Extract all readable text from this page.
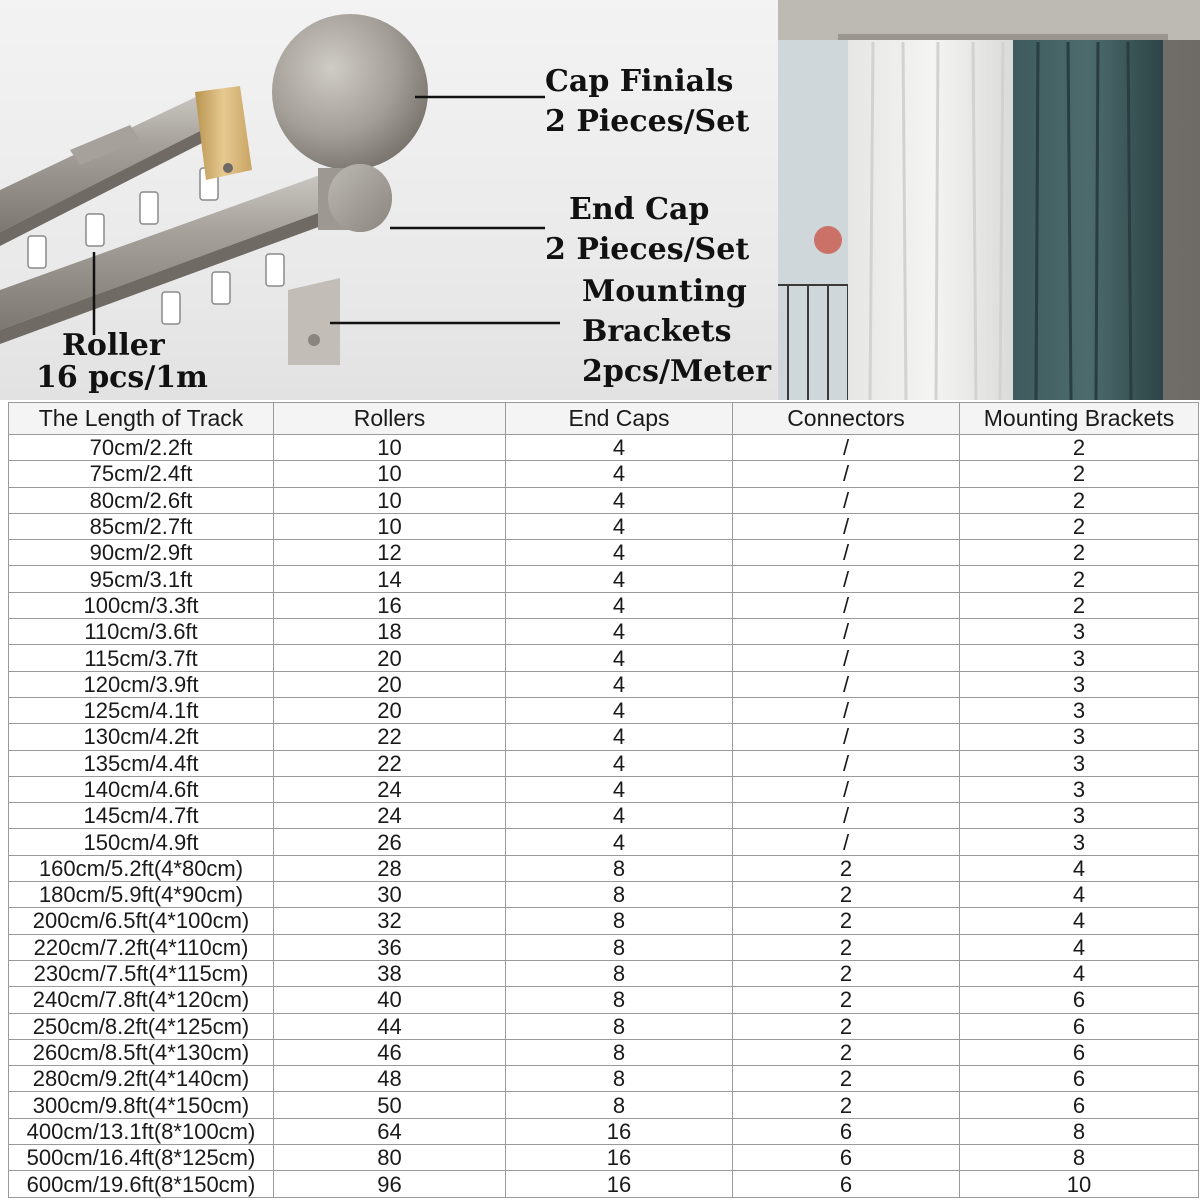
Cap Finials
2 Pieces/Set
End Cap
2 Pieces/Set
Mounting
Brackets
2pcs/Meter
Roller
16 pcs/1m
The Length of Track	Rollers	End Caps	Connectors	Mounting Brackets
70cm/2.2ft	10	4	/	2
75cm/2.4ft	10	4	/	2
80cm/2.6ft	10	4	/	2
85cm/2.7ft	10	4	/	2
90cm/2.9ft	12	4	/	2
95cm/3.1ft	14	4	/	2
100cm/3.3ft	16	4	/	2
110cm/3.6ft	18	4	/	3
115cm/3.7ft	20	4	/	3
120cm/3.9ft	20	4	/	3
125cm/4.1ft	20	4	/	3
130cm/4.2ft	22	4	/	3
135cm/4.4ft	22	4	/	3
140cm/4.6ft	24	4	/	3
145cm/4.7ft	24	4	/	3
150cm/4.9ft	26	4	/	3
160cm/5.2ft(4*80cm)	28	8	2	4
180cm/5.9ft(4*90cm)	30	8	2	4
200cm/6.5ft(4*100cm)	32	8	2	4
220cm/7.2ft(4*110cm)	36	8	2	4
230cm/7.5ft(4*115cm)	38	8	2	4
240cm/7.8ft(4*120cm)	40	8	2	6
250cm/8.2ft(4*125cm)	44	8	2	6
260cm/8.5ft(4*130cm)	46	8	2	6
280cm/9.2ft(4*140cm)	48	8	2	6
300cm/9.8ft(4*150cm)	50	8	2	6
400cm/13.1ft(8*100cm)	64	16	6	8
500cm/16.4ft(8*125cm)	80	16	6	8
600cm/19.6ft(8*150cm)	96	16	6	10
